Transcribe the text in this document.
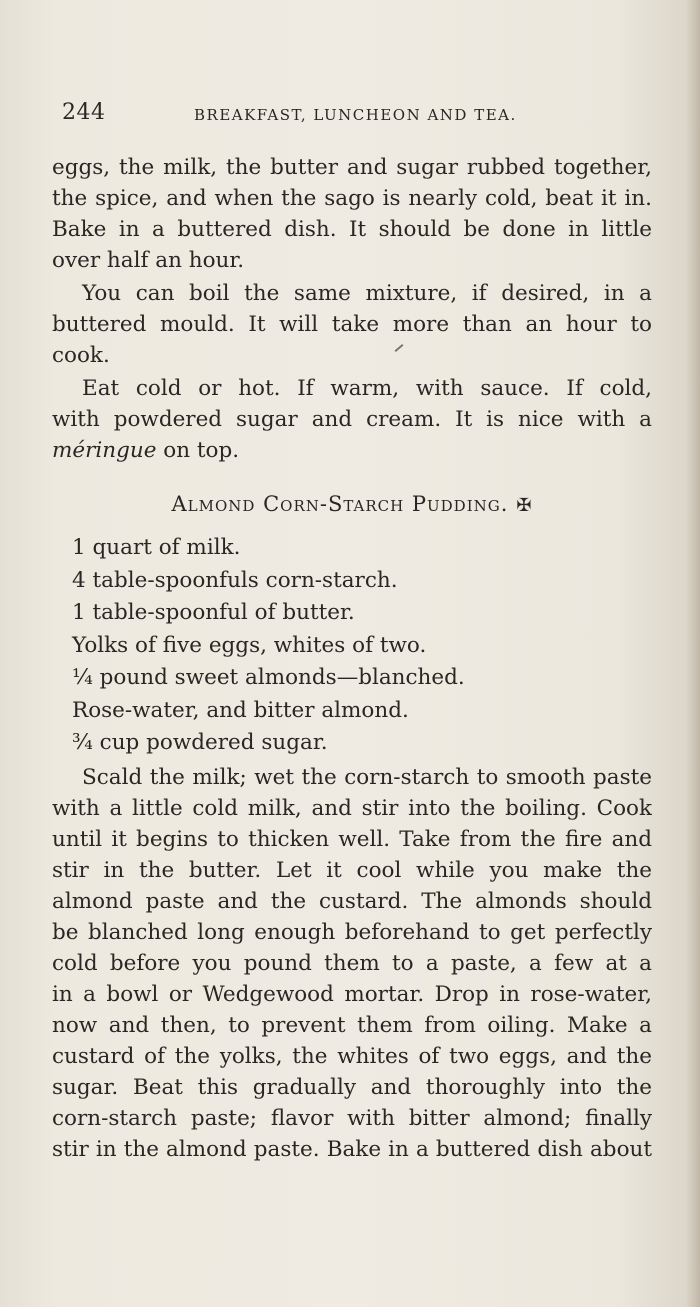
244	BREAKFAST, LUNCHEON AND TEA.
eggs, the milk, the butter and sugar rubbed together,
the spice, and when the sago is nearly cold, beat it in.
Bake in a buttered dish. It should be done in little
over half an hour.
You can boil the same mixture, if desired, in a
buttered mould. It will take more than an hour to
cook.
Eat cold or hot. If warm, with sauce. If cold,
with powdered sugar and cream. It is nice with a
méringue on top.
Almond Corn-Starch Pudding. ✠
1 quart of milk.
4 table-spoonfuls corn-starch.
1 table-spoonful of butter.
Yolks of five eggs, whites of two.
¼ pound sweet almonds—blanched.
Rose-water, and bitter almond.
¾ cup powdered sugar.
Scald the milk; wet the corn-starch to smooth paste
with a little cold milk, and stir into the boiling. Cook
until it begins to thicken well. Take from the fire and
stir in the butter. Let it cool while you make the
almond paste and the custard. The almonds should
be blanched long enough beforehand to get perfectly
cold before you pound them to a paste, a few at a
in a bowl or Wedgewood mortar. Drop in rose-water,
now and then, to prevent them from oiling. Make a
custard of the yolks, the whites of two eggs, and the
sugar. Beat this gradually and thoroughly into the
corn-starch paste; flavor with bitter almond; finally
stir in the almond paste. Bake in a buttered dish about
